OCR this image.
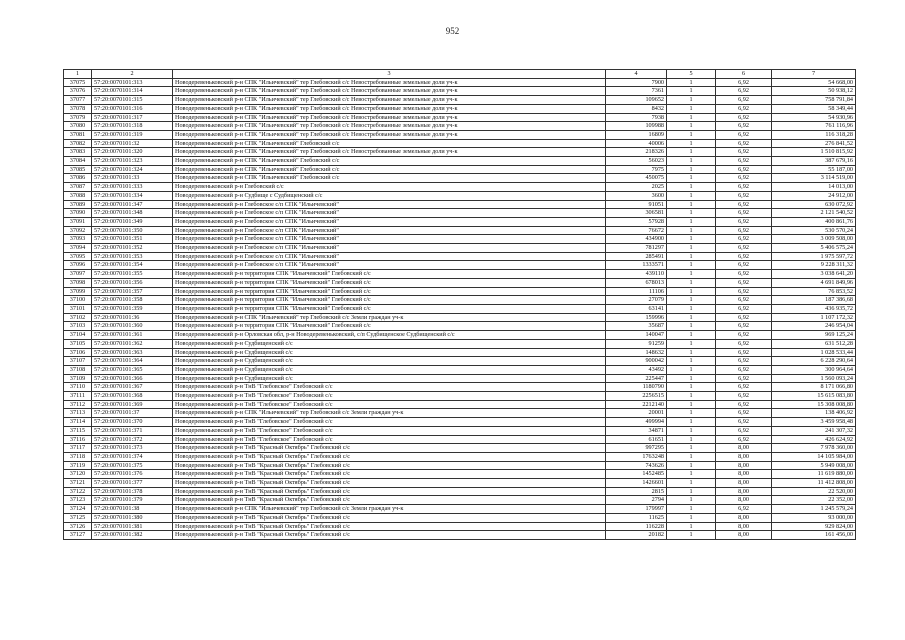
952
1	2	3	4	5	6	7
37075	57:20:0070101:313	Новодеревеньковский р-н СПК "Ильичевский" тер Глебовский с/с Невостребованные земельные доли уч-к	7900	1	6,92	54 668,00
37076	57:20:0070101:314	Новодеревеньковский р-н СПК "Ильичевский" тер Глебовский с/с Невостребованные земельные доли уч-к	7361	1	6,92	50 938,12
37077	57:20:0070101:315	Новодеревеньковский р-н СПК "Ильичевский" тер Глебовский с/с Невостребованные земельные доли уч-к	109652	1	6,92	758 791,84
37078	57:20:0070101:316	Новодеревеньковский р-н СПК "Ильичевский" тер Глебовский с/с Невостребованные земельные доли уч-к	8432	1	6,92	58 349,44
37079	57:20:0070101:317	Новодеревеньковский р-н СПК "Ильичевский" тер Глебовский с/с Невостребованные земельные доли уч-к	7938	1	6,92	54 930,96
37080	57:20:0070101:318	Новодеревеньковский р-н СПК "Ильичевский" тер Глебовский с/с Невостребованные земельные доли уч-к	109988	1	6,92	761 116,96
37081	57:20:0070101:319	Новодеревеньковский р-н СПК "Ильичевский" тер Глебовский с/с Невостребованные земельные доли уч-к	16809	1	6,92	116 318,28
37082	57:20:0070101:32	Новодеревеньковский р-н СПК "Ильичевский" Глебовский с/с	40006	1	6,92	276 841,52
37083	57:20:0070101:320	Новодеревеньковский р-н СПК "Ильичевский" тер Глебовский с/с Невостребованные земельные доли уч-к	218326	1	6,92	1 510 815,92
37084	57:20:0070101:323	Новодеревеньковский р-н СПК "Ильичевский" Глебовский с/с	56023	1	6,92	387 679,16
37085	57:20:0070101:324	Новодеревеньковский р-н СПК "Ильичевский" Глебовский с/с	7975	1	6,92	55 187,00
37086	57:20:0070101:33	Новодеревеньковский р-н СПК "Ильичевский" Глебовский с/с	450075	1	6,92	3 114 519,00
37087	57:20:0070101:333	Новодеревеньковский р-н Глебовский с/с	2025	1	6,92	14 013,00
37088	57:20:0070101:334	Новодеревеньковский р-н Судбище с Судбищенский с/с	3600	1	6,92	24 912,00
37089	57:20:0070101:347	Новодеревеньковский р-н Глебовское с/п СПК "Ильичевский"	91051	1	6,92	630 072,92
37090	57:20:0070101:348	Новодеревеньковский р-н Глебовское с/п СПК "Ильичевский"	306581	1	6,92	2 121 540,52
37091	57:20:0070101:349	Новодеревеньковский р-н Глебовское с/п СПК "Ильичевский"	57928	1	6,92	400 861,76
37092	57:20:0070101:350	Новодеревеньковский р-н Глебовское с/п СПК "Ильичевский"	76672	1	6,92	530 570,24
37093	57:20:0070101:351	Новодеревеньковский р-н Глебовское с/п СПК "Ильичевский"	434900	1	6,92	3 009 508,00
37094	57:20:0070101:352	Новодеревеньковский р-н Глебовское с/п СПК "Ильичевский"	781297	1	6,92	5 406 575,24
37095	57:20:0070101:353	Новодеревеньковский р-н Глебовское с/п СПК "Ильичевский"	285491	1	6,92	1 975 597,72
37096	57:20:0070101:354	Новодеревеньковский р-н Глебовское с/п СПК "Ильичевский"	1333571	1	6,92	9 228 311,32
37097	57:20:0070101:355	Новодеревеньковский р-н территория СПК "Ильичевский" Глебовский с/с	439110	1	6,92	3 038 641,20
37098	57:20:0070101:356	Новодеревеньковский р-н территория СПК "Ильичевский" Глебовский с/с	678013	1	6,92	4 691 849,96
37099	57:20:0070101:357	Новодеревеньковский р-н территория СПК "Ильичевский" Глебовский с/с	11106	1	6,92	76 853,52
37100	57:20:0070101:358	Новодеревеньковский р-н территория СПК "Ильичевский" Глебовский с/с	27079	1	6,92	187 386,68
37101	57:20:0070101:359	Новодеревеньковский р-н территория СПК "Ильичевский" Глебовский с/с	63141	1	6,92	436 935,72
37102	57:20:0070101:36	Новодеревеньковский р-н СПК "Ильичевский" тер Глебовский с/с Земли граждан уч-к	159996	1	6,92	1 107 172,32
37103	57:20:0070101:360	Новодеревеньковский р-н территория СПК "Ильичевский" Глебовский с/с	35687	1	6,92	246 954,04
37104	57:20:0070101:361	Новодеревеньковский р-н Орловская обл, р-н Новодеревеньковский, с/п Судбищенское Судбищенский с/с	140047	1	6,92	969 125,24
37105	57:20:0070101:362	Новодеревеньковский р-н Судбищенский с/с	91259	1	6,92	631 512,28
37106	57:20:0070101:363	Новодеревеньковский р-н Судбищенский с/с	148632	1	6,92	1 028 533,44
37107	57:20:0070101:364	Новодеревеньковский р-н Судбищенский с/с	900042	1	6,92	6 228 290,64
37108	57:20:0070101:365	Новодеревеньковский р-н Судбищенский с/с	43492	1	6,92	300 964,64
37109	57:20:0070101:366	Новодеревеньковский р-н Судбищенский с/с	225447	1	6,92	1 560 093,24
37110	57:20:0070101:367	Новодеревеньковский р-н ТнВ "Глебовское" Глебовский с/с	1180790	1	6,92	8 171 066,80
37111	57:20:0070101:368	Новодеревеньковский р-н ТнВ "Глебовское" Глебовский с/с	2256515	1	6,92	15 615 083,80
37112	57:20:0070101:369	Новодеревеньковский р-н ТнВ "Глебовское" Глебовский с/с	2212140	1	6,92	15 308 008,80
37113	57:20:0070101:37	Новодеревеньковский р-н СПК "Ильичевский" тер Глебовский с/с Земли граждан уч-к	20001	1	6,92	138 406,92
37114	57:20:0070101:370	Новодеревеньковский р-н ТнВ "Глебовское" Глебовский с/с	499994	1	6,92	3 459 958,48
37115	57:20:0070101:371	Новодеревеньковский р-н ТнВ "Глебовское" Глебовский с/с	34871	1	6,92	241 307,32
37116	57:20:0070101:372	Новодеревеньковский р-н ТнВ "Глебовское" Глебовский с/с	61651	1	6,92	426 624,92
37117	57:20:0070101:373	Новодеревеньковский р-н ТнВ "Красный Октябрь" Глебовский с/с	997295	1	8,00	7 978 360,00
37118	57:20:0070101:374	Новодеревеньковский р-н ТнВ "Красный Октябрь" Глебовский с/с	1763248	1	8,00	14 105 984,00
37119	57:20:0070101:375	Новодеревеньковский р-н ТнВ "Красный Октябрь" Глебовский с/с	743626	1	8,00	5 949 008,00
37120	57:20:0070101:376	Новодеревеньковский р-н ТнВ "Красный Октябрь" Глебовский с/с	1452485	1	8,00	11 619 880,00
37121	57:20:0070101:377	Новодеревеньковский р-н ТнВ "Красный Октябрь" Глебовский с/с	1426601	1	8,00	11 412 808,00
37122	57:20:0070101:378	Новодеревеньковский р-н ТнВ "Красный Октябрь" Глебовский с/с	2815	1	8,00	22 520,00
37123	57:20:0070101:379	Новодеревеньковский р-н ТнВ "Красный Октябрь" Глебовский с/с	2794	1	8,00	22 352,00
37124	57:20:0070101:38	Новодеревеньковский р-н СПК "Ильичевский" тер Глебовский с/с Земли граждан уч-к	179997	1	6,92	1 245 579,24
37125	57:20:0070101:380	Новодеревеньковский р-н ТнВ "Красный Октябрь" Глебовский с/с	11625	1	8,00	93 000,00
37126	57:20:0070101:381	Новодеревеньковский р-н ТнВ "Красный Октябрь" Глебовский с/с	116228	1	8,00	929 824,00
37127	57:20:0070101:382	Новодеревеньковский р-н ТнВ "Красный Октябрь" Глебовский с/с	20182	1	8,00	161 456,00
